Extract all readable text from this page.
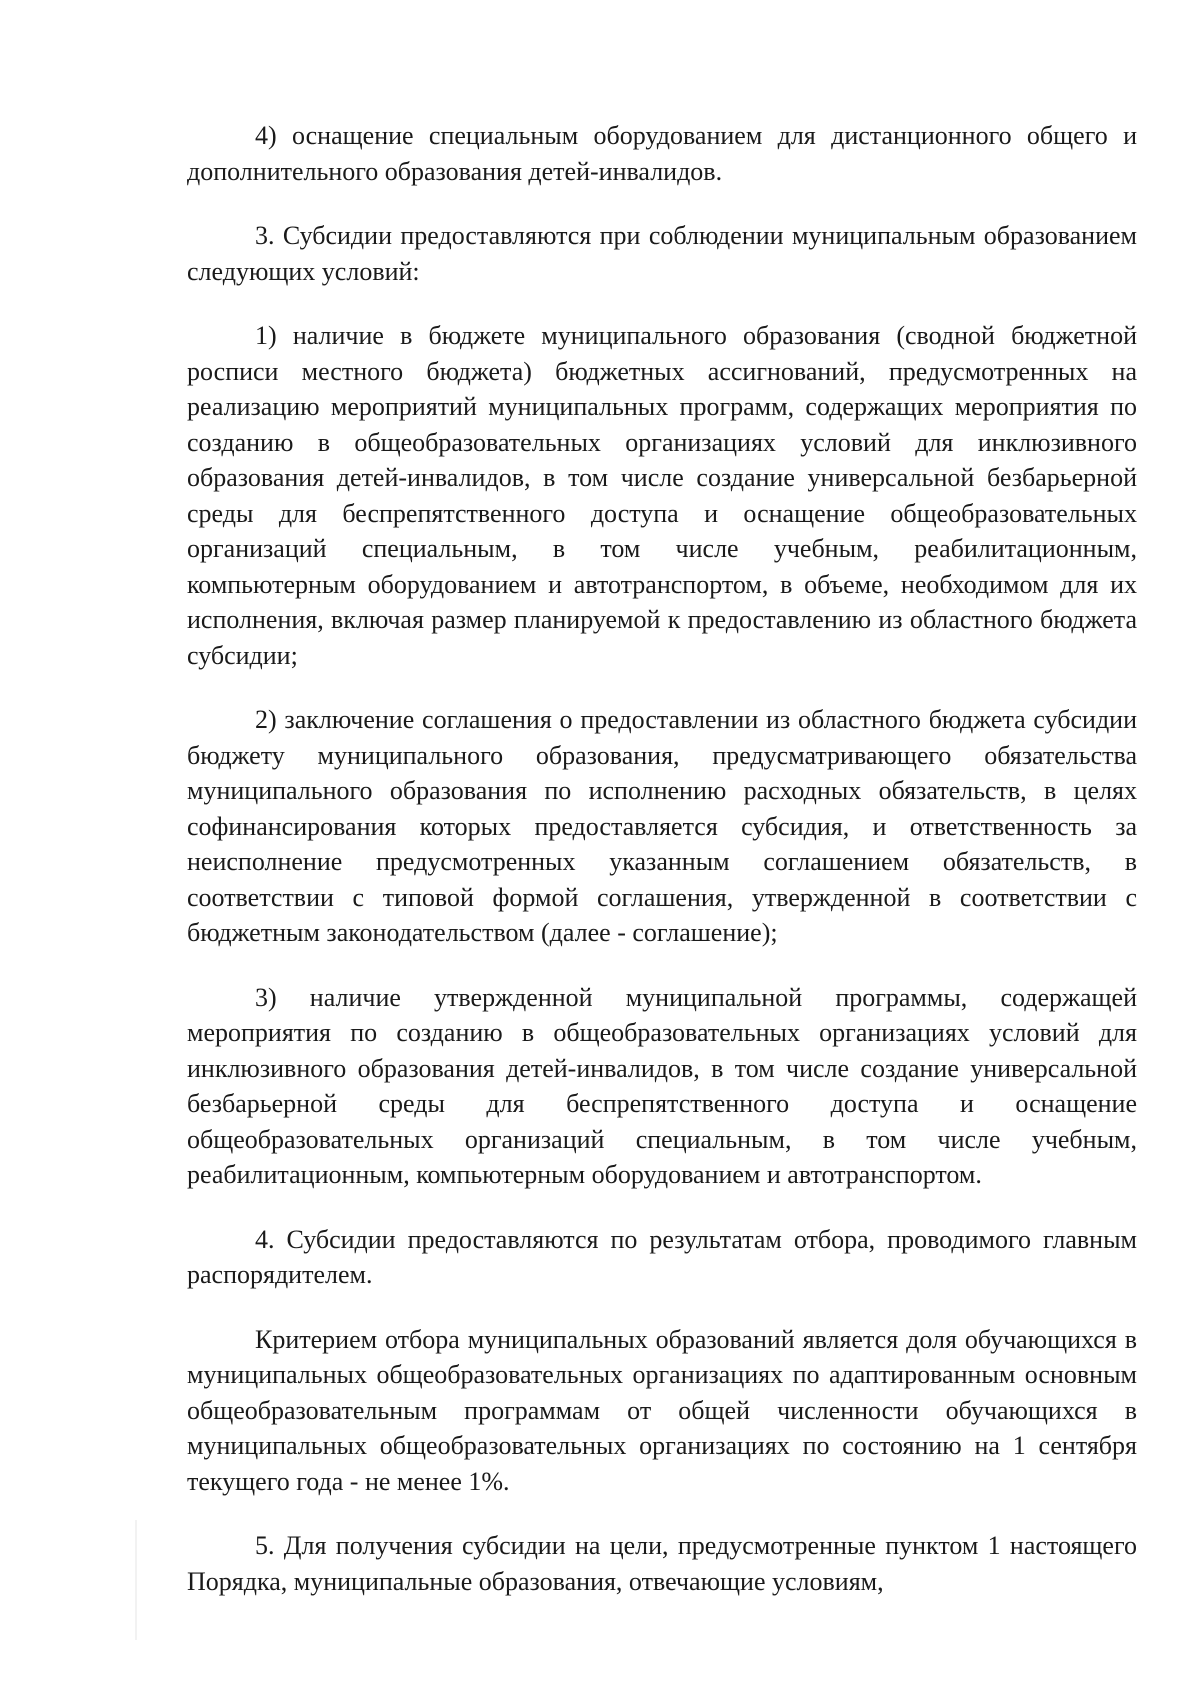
4) оснащение специальным оборудованием для дистанционного общего и дополнительного образования детей-инвалидов.

3. Субсидии предоставляются при соблюдении муниципальным образованием следующих условий:

1) наличие в бюджете муниципального образования (сводной бюджетной росписи местного бюджета) бюджетных ассигнований, предусмотренных на реализацию мероприятий муниципальных программ, содержащих мероприятия по созданию в общеобразовательных организациях условий для инклюзивного образования детей-инвалидов, в том числе создание универсальной безбарьерной среды для беспрепятственного доступа и оснащение общеобразовательных организаций специальным, в том числе учебным, реабилитационным, компьютерным оборудованием и автотранспортом, в объеме, необходимом для их исполнения, включая размер планируемой к предоставлению из областного бюджета субсидии;

2) заключение соглашения о предоставлении из областного бюджета субсидии бюджету муниципального образования, предусматривающего обязательства муниципального образования по исполнению расходных обязательств, в целях софинансирования которых предоставляется субсидия, и ответственность за неисполнение предусмотренных указанным соглашением обязательств, в соответствии с типовой формой соглашения, утвержденной в соответствии с бюджетным законодательством (далее - соглашение);

3) наличие утвержденной муниципальной программы, содержащей мероприятия по созданию в общеобразовательных организациях условий для инклюзивного образования детей-инвалидов, в том числе создание универсальной безбарьерной среды для беспрепятственного доступа и оснащение общеобразовательных организаций специальным, в том числе учебным, реабилитационным, компьютерным оборудованием и автотранспортом.

4. Субсидии предоставляются по результатам отбора, проводимого главным распорядителем.

Критерием отбора муниципальных образований является доля обучающихся в муниципальных общеобразовательных организациях по адаптированным основным общеобразовательным программам от общей численности обучающихся в муниципальных общеобразовательных организациях по состоянию на 1 сентября текущего года - не менее 1%.

5. Для получения субсидии на цели, предусмотренные пунктом 1 настоящего Порядка, муниципальные образования, отвечающие условиям,
